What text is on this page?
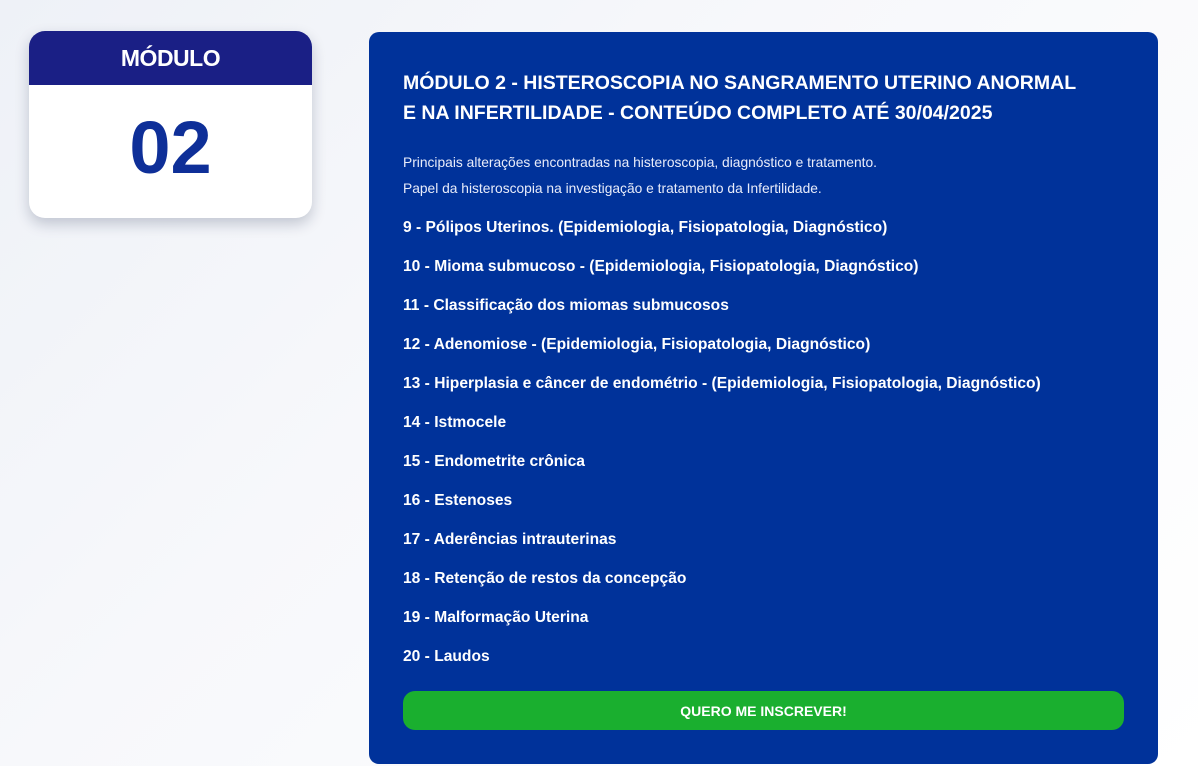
MÓDULO
02
MÓDULO 2 - HISTEROSCOPIA NO SANGRAMENTO UTERINO ANORMAL
E NA INFERTILIDADE - CONTEÚDO COMPLETO ATÉ 30/04/2025

Principais alterações encontradas na histeroscopia, diagnóstico e tratamento.
Papel da histeroscopia na investigação e tratamento da Infertilidade.

9 - Pólipos Uterinos. (Epidemiologia, Fisiopatologia, Diagnóstico)
10 - Mioma submucoso - (Epidemiologia, Fisiopatologia, Diagnóstico)
11 - Classificação dos miomas submucosos
12 - Adenomiose - (Epidemiologia, Fisiopatologia, Diagnóstico)
13 - Hiperplasia e câncer de endométrio - (Epidemiologia, Fisiopatologia, Diagnóstico)
14 - Istmocele
15 - Endometrite crônica
16 - Estenoses
17 - Aderências intrauterinas
18 - Retenção de restos da concepção
19 - Malformação Uterina
20 - Laudos
QUERO ME INSCREVER!
